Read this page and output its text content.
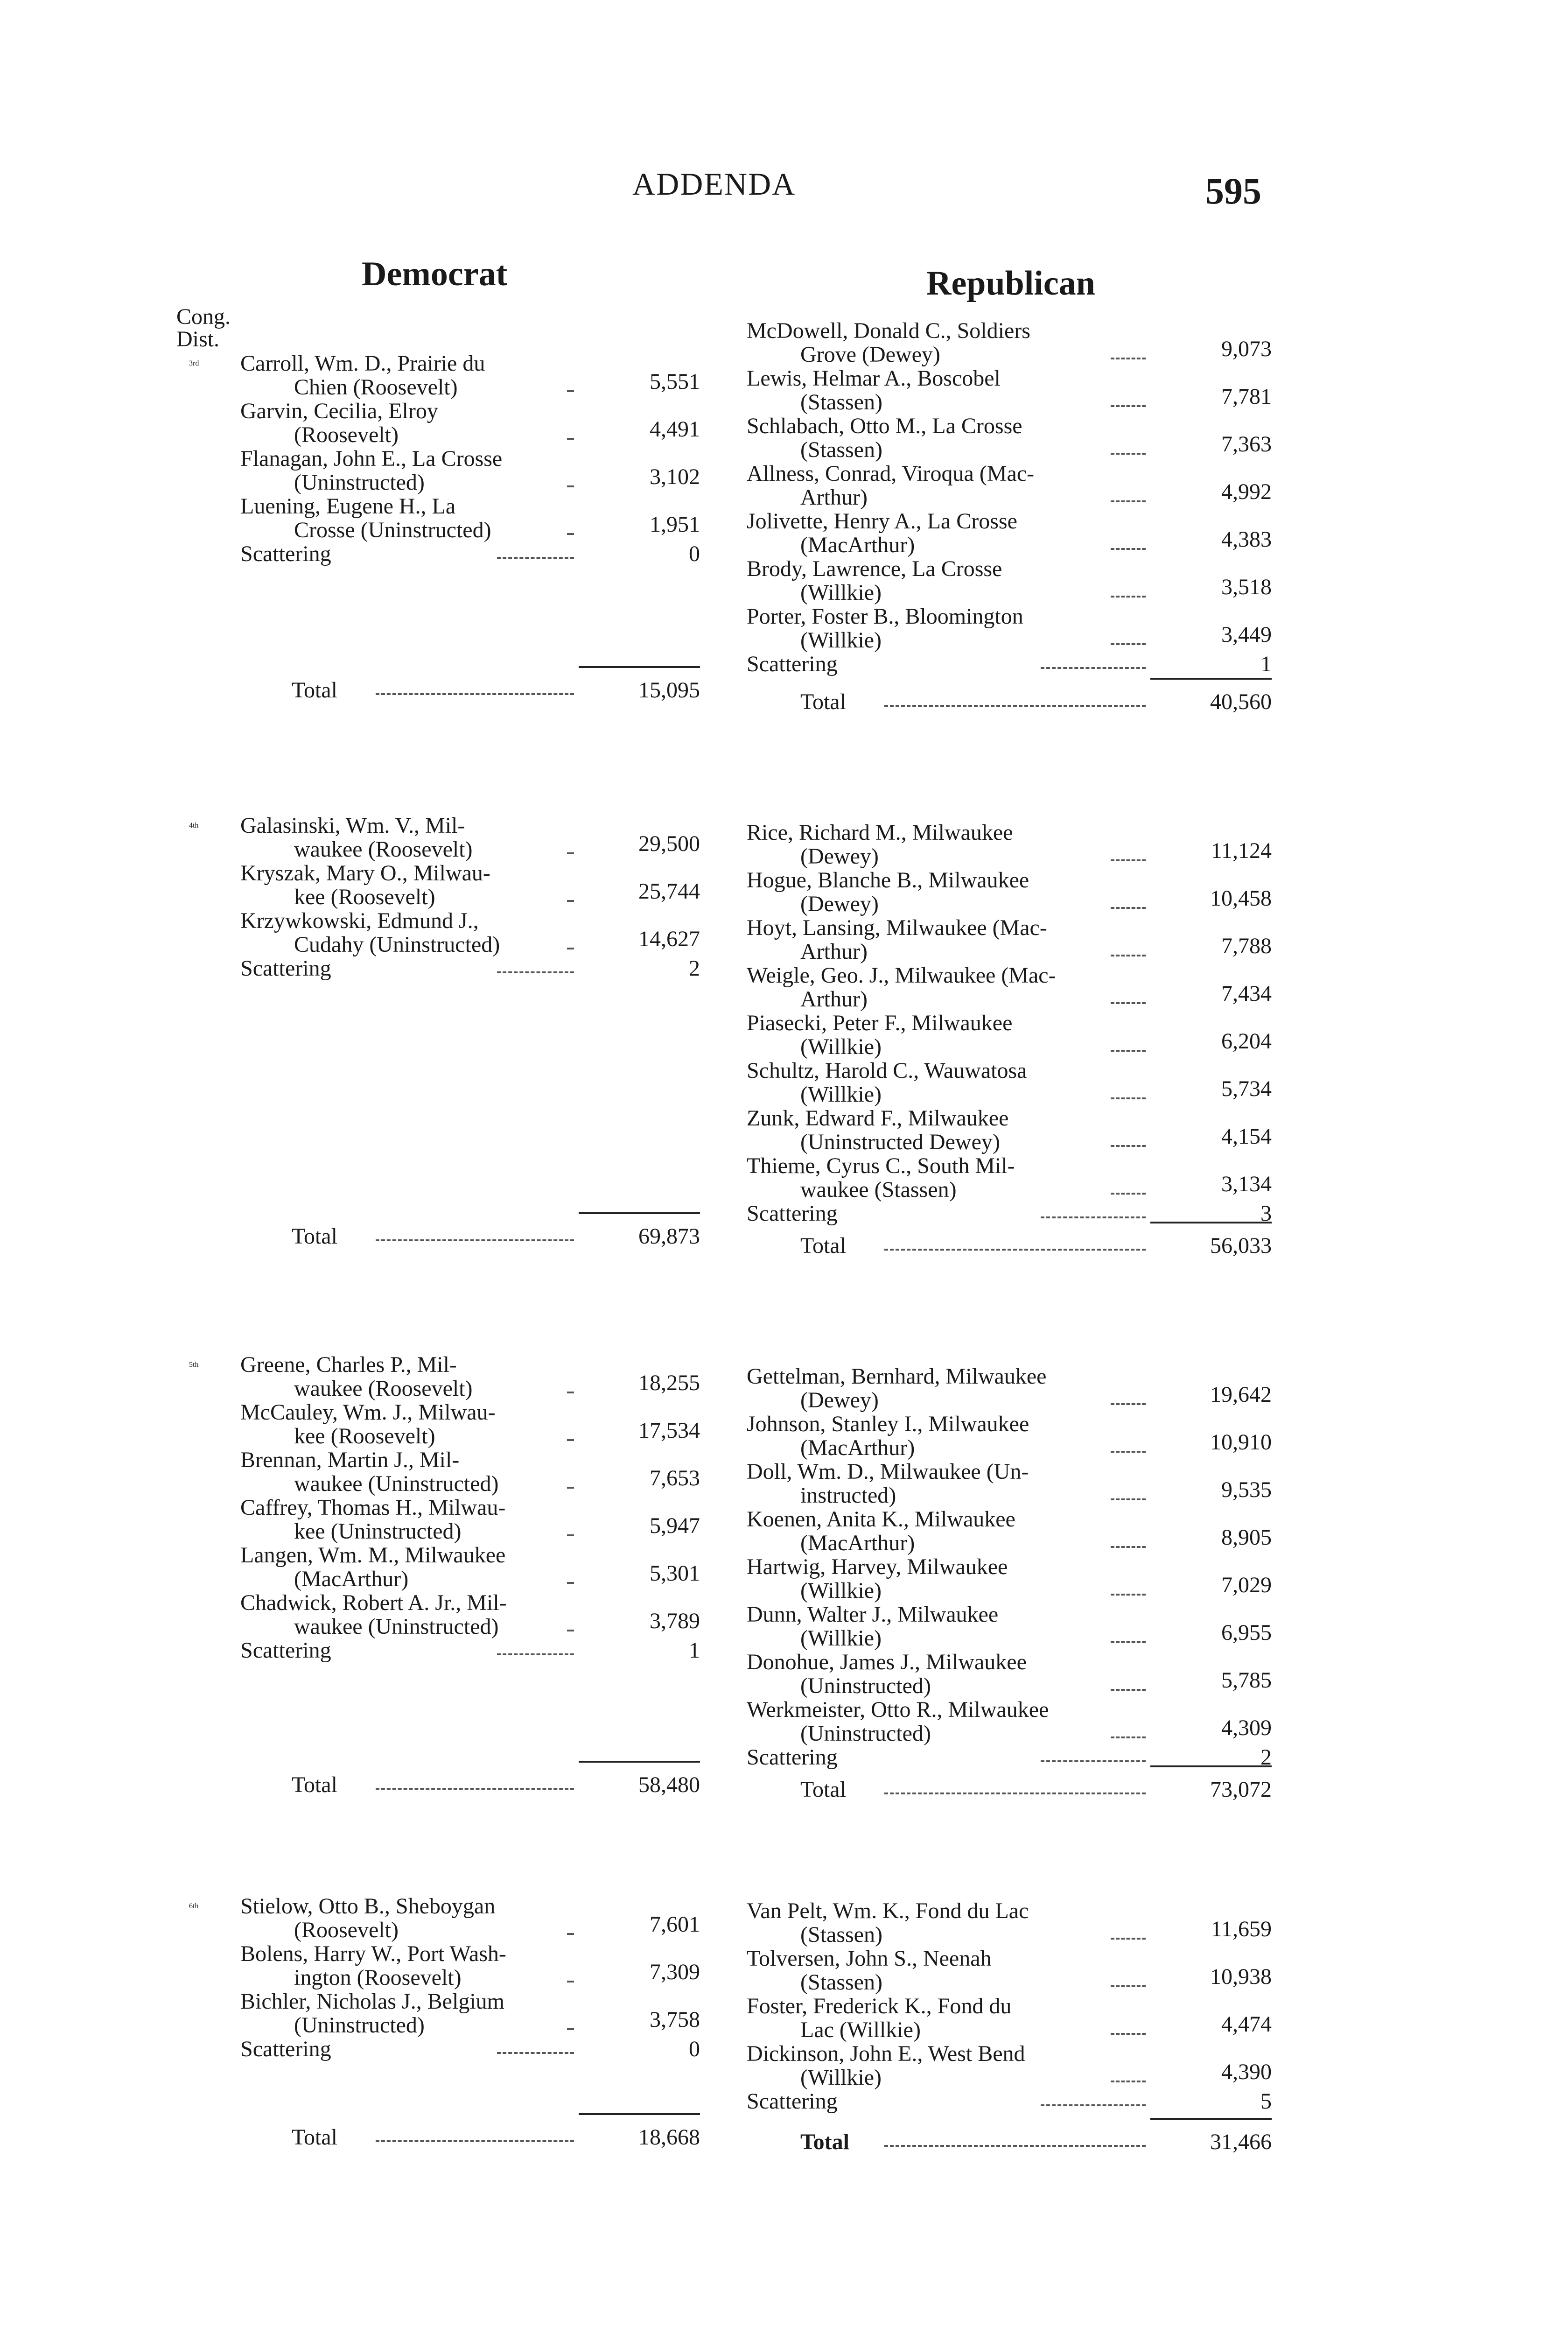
ADDENDA	595
Democrat	Republican
Cong.
Dist.
3rd Carroll, Wm. D., Prairie du
Chien (Roosevelt)	5,551
Garvin, Cecilia, Elroy
(Roosevelt)	4,491
Flanagan, John E., La Crosse
(Uninstructed)	3,102
Luening, Eugene H., La
Crosse (Uninstructed)	1,951
Scattering	0
Total	15,095
McDowell, Donald C., Soldiers
Grove (Dewey)	9,073
Lewis, Helmar A., Boscobel
(Stassen)	7,781
Schlabach, Otto M., La Crosse
(Stassen)	7,363
Allness, Conrad, Viroqua (Mac-
Arthur)	4,992
Jolivette, Henry A., La Crosse
(MacArthur)	4,383
Brody, Lawrence, La Crosse
(Willkie)	3,518
Porter, Foster B., Bloomington
(Willkie)	3,449
Scattering	1
Total	40,560
4th Galasinski, Wm. V., Mil-
waukee (Roosevelt)	29,500
Kryszak, Mary O., Milwau-
kee (Roosevelt)	25,744
Krzywkowski, Edmund J.,
Cudahy (Uninstructed)	14,627
Scattering	2
Total	69,873
Rice, Richard M., Milwaukee
(Dewey)	11,124
Hogue, Blanche B., Milwaukee
(Dewey)	10,458
Hoyt, Lansing, Milwaukee (Mac-
Arthur)	7,788
Weigle, Geo. J., Milwaukee (Mac-
Arthur)	7,434
Piasecki, Peter F., Milwaukee
(Willkie)	6,204
Schultz, Harold C., Wauwatosa
(Willkie)	5,734
Zunk, Edward F., Milwaukee
(Uninstructed Dewey)	4,154
Thieme, Cyrus C., South Mil-
waukee (Stassen)	3,134
Scattering	3
Total	56,033
5th Greene, Charles P., Mil-
waukee (Roosevelt)	18,255
McCauley, Wm. J., Milwau-
kee (Roosevelt)	17,534
Brennan, Martin J., Mil-
waukee (Uninstructed)	7,653
Caffrey, Thomas H., Milwau-
kee (Uninstructed)	5,947
Langen, Wm. M., Milwaukee
(MacArthur)	5,301
Chadwick, Robert A. Jr., Mil-
waukee (Uninstructed)	3,789
Scattering	1
Total	58,480
Gettelman, Bernhard, Milwaukee
(Dewey)	19,642
Johnson, Stanley I., Milwaukee
(MacArthur)	10,910
Doll, Wm. D., Milwaukee (Un-
instructed)	9,535
Koenen, Anita K., Milwaukee
(MacArthur)	8,905
Hartwig, Harvey, Milwaukee
(Willkie)	7,029
Dunn, Walter J., Milwaukee
(Willkie)	6,955
Donohue, James J., Milwaukee
(Uninstructed)	5,785
Werkmeister, Otto R., Milwaukee
(Uninstructed)	4,309
Scattering	2
Total	73,072
6th Stielow, Otto B., Sheboygan
(Roosevelt)	7,601
Bolens, Harry W., Port Wash-
ington (Roosevelt)	7,309
Bichler, Nicholas J., Belgium
(Uninstructed)	3,758
Scattering	0
Total	18,668
Van Pelt, Wm. K., Fond du Lac
(Stassen)	11,659
Tolversen, John S., Neenah
(Stassen)	10,938
Foster, Frederick K., Fond du
Lac (Willkie)	4,474
Dickinson, John E., West Bend
(Willkie)	4,390
Scattering	5
Total	31,466
